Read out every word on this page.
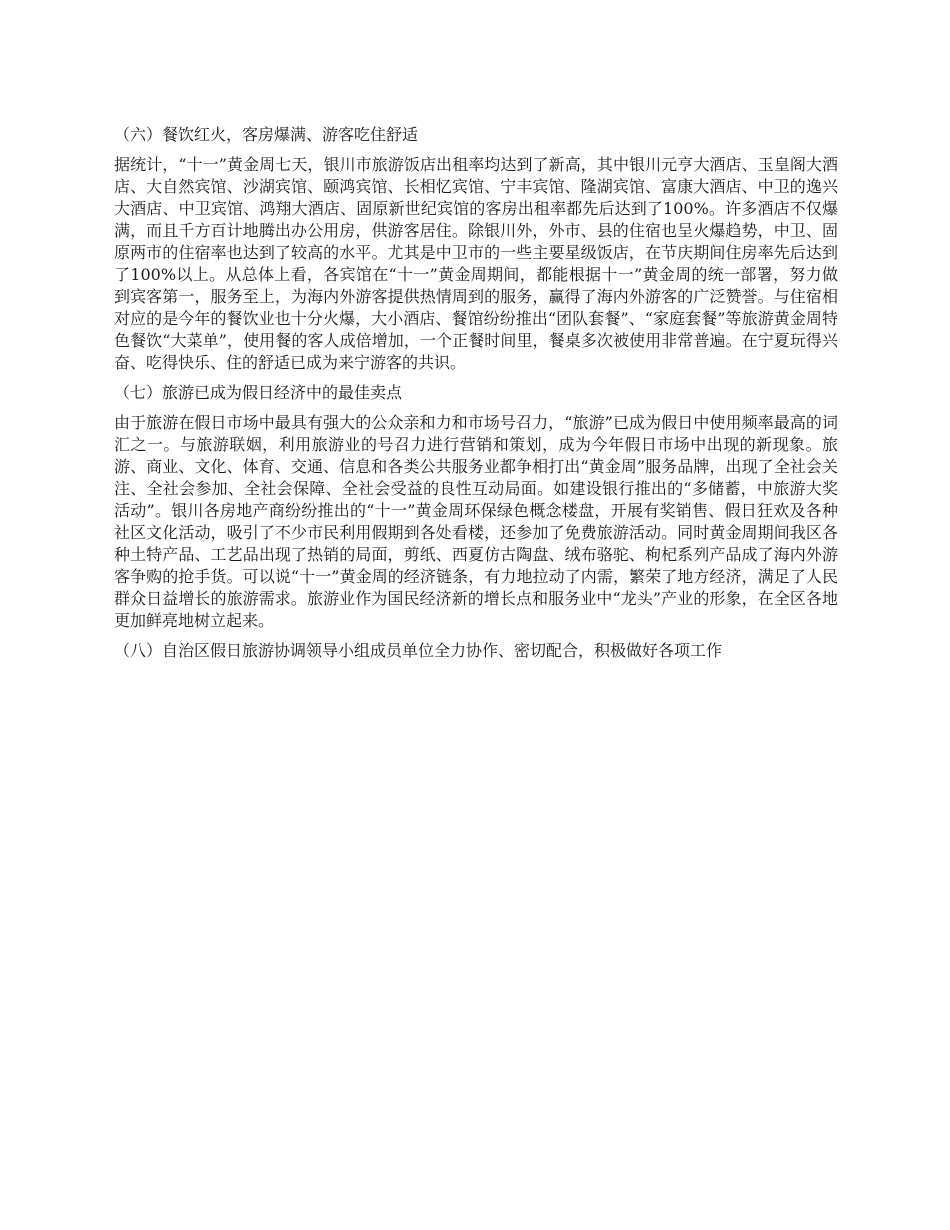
（六）餐饮红火，客房爆满、游客吃住舒适

据统计，“十一”黄金周七天，银川市旅游饭店出租率均达到了新高，其中银川元亨大酒店、玉皇阁大酒店、大自然宾馆、沙湖宾馆、颐鸿宾馆、长相忆宾馆、宁丰宾馆、隆湖宾馆、富康大酒店、中卫的逸兴大酒店、中卫宾馆、鸿翔大酒店、固原新世纪宾馆的客房出租率都先后达到了100%。许多酒店不仅爆满，而且千方百计地腾出办公用房，供游客居住。除银川外，外市、县的住宿也呈火爆趋势，中卫、固原两市的住宿率也达到了较高的水平。尤其是中卫市的一些主要星级饭店，在节庆期间住房率先后达到了100%以上。从总体上看，各宾馆在“十一”黄金周期间，都能根据十一”黄金周的统一部署，努力做到宾客第一，服务至上，为海内外游客提供热情周到的服务，赢得了海内外游客的广泛赞誉。与住宿相对应的是今年的餐饮业也十分火爆，大小酒店、餐馆纷纷推出“团队套餐”、“家庭套餐”等旅游黄金周特色餐饮“大菜单”，使用餐的客人成倍增加，一个正餐时间里，餐桌多次被使用非常普遍。在宁夏玩得兴奋、吃得快乐、住的舒适已成为来宁游客的共识。

（七）旅游已成为假日经济中的最佳卖点

由于旅游在假日市场中最具有强大的公众亲和力和市场号召力，“旅游”已成为假日中使用频率最高的词汇之一。与旅游联姻，利用旅游业的号召力进行营销和策划，成为今年假日市场中出现的新现象。旅游、商业、文化、体育、交通、信息和各类公共服务业都争相打出“黄金周”服务品牌，出现了全社会关注、全社会参加、全社会保障、全社会受益的良性互动局面。如建设银行推出的“多储蓄，中旅游大奖活动”。银川各房地产商纷纷推出的“十一”黄金周环保绿色概念楼盘，开展有奖销售、假日狂欢及各种社区文化活动，吸引了不少市民利用假期到各处看楼，还参加了免费旅游活动。同时黄金周期间我区各种土特产品、工艺品出现了热销的局面，剪纸、西夏仿古陶盘、绒布骆驼、枸杞系列产品成了海内外游客争购的抢手货。可以说“十一”黄金周的经济链条，有力地拉动了内需，繁荣了地方经济，满足了人民群众日益增长的旅游需求。旅游业作为国民经济新的增长点和服务业中“龙头”产业的形象，在全区各地更加鲜亮地树立起来。

（八）自治区假日旅游协调领导小组成员单位全力协作、密切配合，积极做好各项工作
